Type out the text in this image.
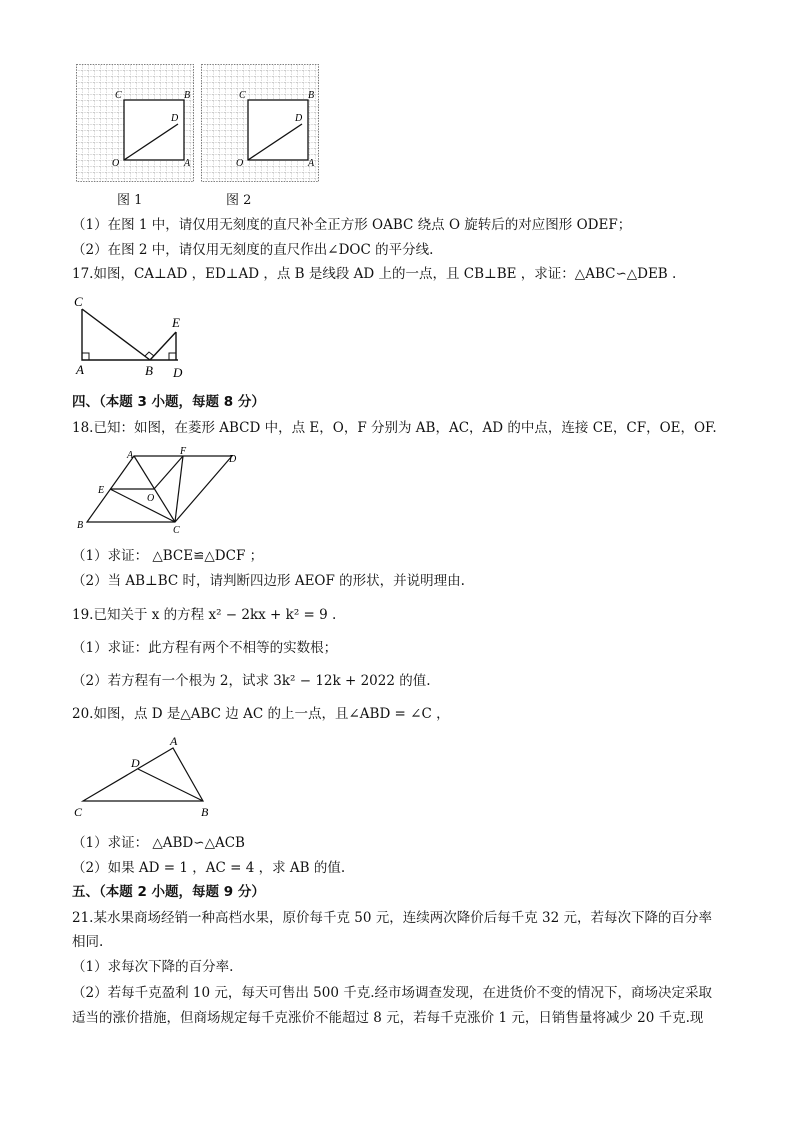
C	B
D
O	A
C	B
D
O	A
图 1	图 2
（1）在图 1 中，请仅用无刻度的直尺补全正方形 OABC 绕点 O 旋转后的对应图形 ODEF；
（2）在图 2 中，请仅用无刻度的直尺作出∠DOC 的平分线.
17.如图，CA⊥AD ，ED⊥AD ，点 B 是线段 AD 上的一点，且 CB⊥BE ，求证：△ABC∽△DEB .
C
E
A	B D
四、（本题 3 小题，每题 8 分）
18.已知：如图，在菱形 ABCD 中，点 E，O，F 分别为 AB，AC，AD 的中点，连接 CE，CF，OE，OF.
A	F
D
E
O
B	C
（1）求证： △BCE≌△DCF ；
（2）当 AB⊥BC 时，请判断四边形 AEOF 的形状，并说明理由.
19.已知关于 x 的方程 x² − 2kx + k² = 9 .
（1）求证：此方程有两个不相等的实数根；
（2）若方程有一个根为 2，试求 3k² − 12k + 2022 的值.
20.如图，点 D 是△ABC 边 AC 的上一点，且∠ABD = ∠C ，
A
D
C	B
（1）求证： △ABD∽△ACB
（2）如果 AD = 1 ，AC = 4 ，求 AB 的值.
五、（本题 2 小题，每题 9 分）
21.某水果商场经销一种高档水果，原价每千克 50 元，连续两次降价后每千克 32 元，若每次下降的百分率
相同.
（1）求每次下降的百分率.
（2）若每千克盈利 10 元，每天可售出 500 千克.经市场调查发现，在进货价不变的情况下，商场决定采取
适当的涨价措施，但商场规定每千克涨价不能超过 8 元，若每千克涨价 1 元，日销售量将减少 20 千克.现
